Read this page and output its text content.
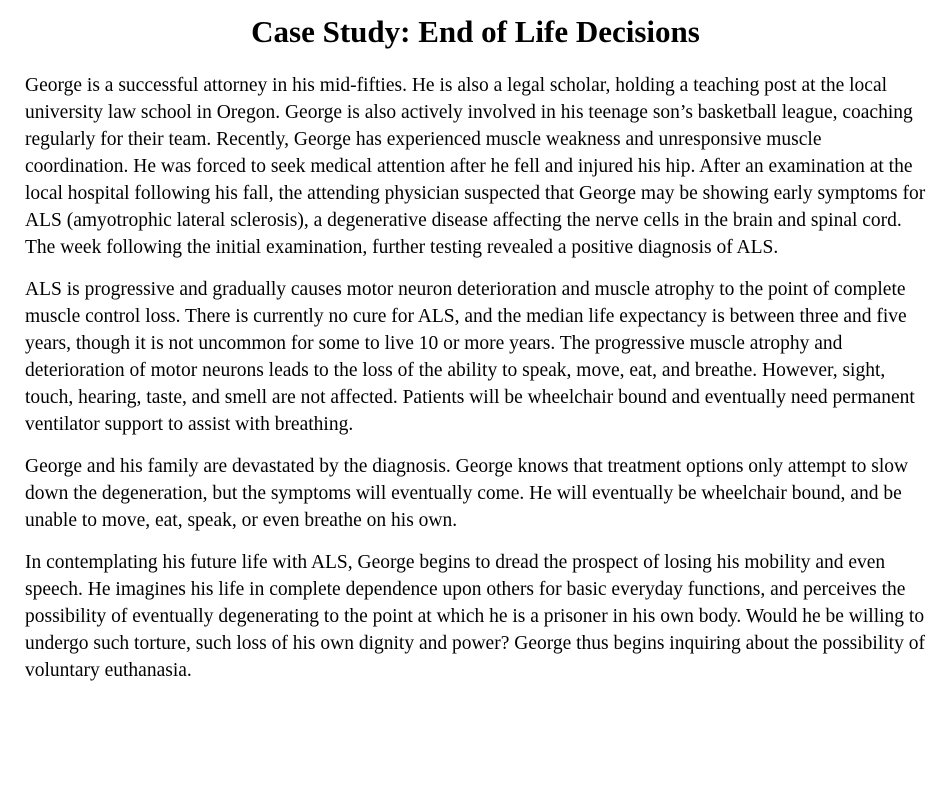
Case Study: End of Life Decisions

George is a successful attorney in his mid-fifties. He is also a legal scholar, holding a teaching post at the local university law school in Oregon. George is also actively involved in his teenage son’s basketball league, coaching regularly for their team. Recently, George has experienced muscle weakness and unresponsive muscle coordination. He was forced to seek medical attention after he fell and injured his hip. After an examination at the local hospital following his fall, the attending physician suspected that George may be showing early symptoms for ALS (amyotrophic lateral sclerosis), a degenerative disease affecting the nerve cells in the brain and spinal cord. The week following the initial examination, further testing revealed a positive diagnosis of ALS.

ALS is progressive and gradually causes motor neuron deterioration and muscle atrophy to the point of complete muscle control loss. There is currently no cure for ALS, and the median life expectancy is between three and five years, though it is not uncommon for some to live 10 or more years. The progressive muscle atrophy and deterioration of motor neurons leads to the loss of the ability to speak, move, eat, and breathe. However, sight, touch, hearing, taste, and smell are not affected. Patients will be wheelchair bound and eventually need permanent ventilator support to assist with breathing.

George and his family are devastated by the diagnosis. George knows that treatment options only attempt to slow down the degeneration, but the symptoms will eventually come. He will eventually be wheelchair bound, and be unable to move, eat, speak, or even breathe on his own.

In contemplating his future life with ALS, George begins to dread the prospect of losing his mobility and even speech. He imagines his life in complete dependence upon others for basic everyday functions, and perceives the possibility of eventually degenerating to the point at which he is a prisoner in his own body. Would he be willing to undergo such torture, such loss of his own dignity and power? George thus begins inquiring about the possibility of voluntary euthanasia.
